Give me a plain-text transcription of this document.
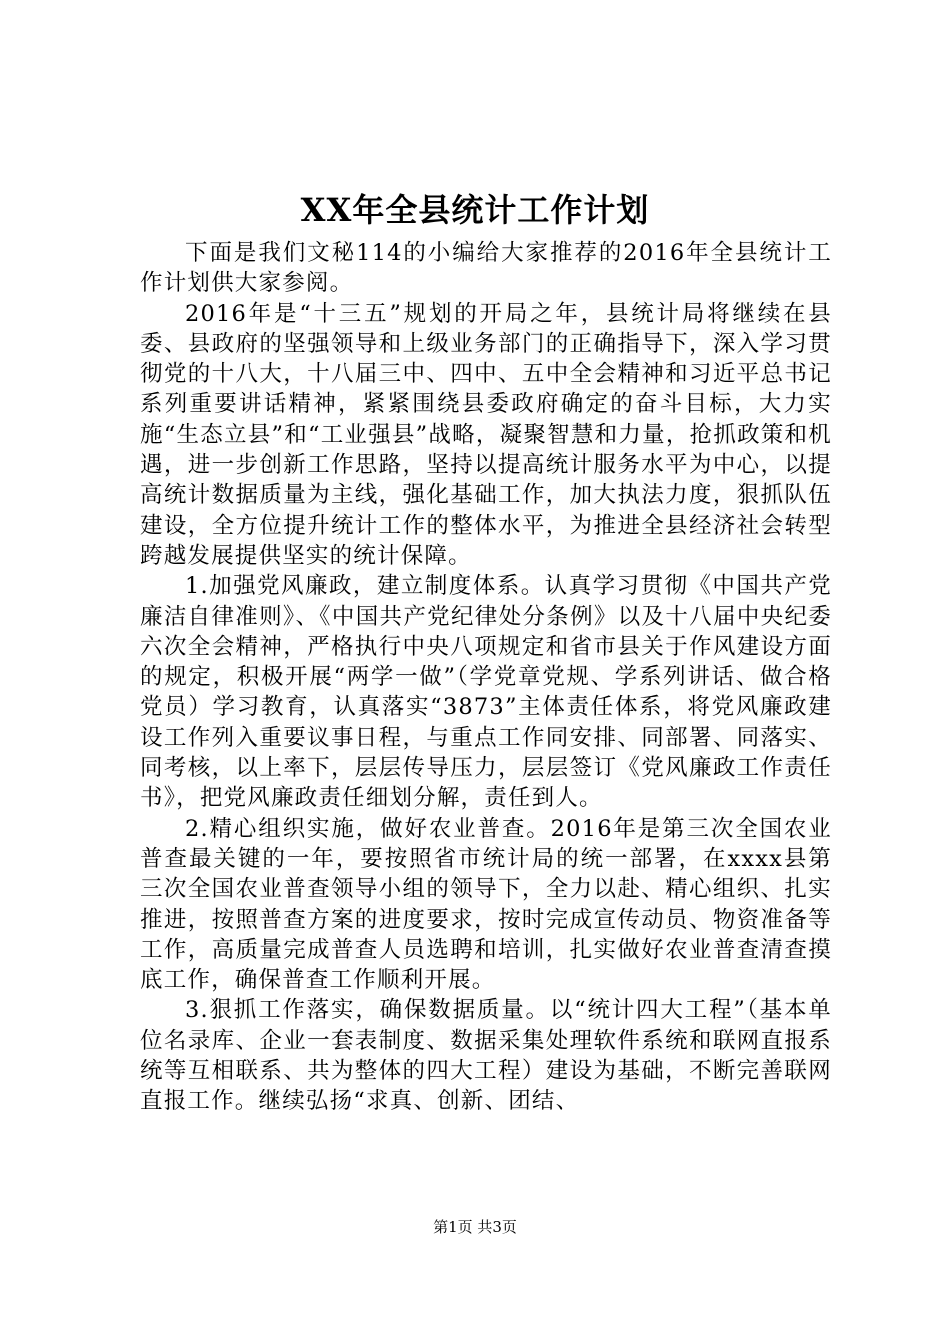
XX年全县统计工作计划

下面是我们文秘114的小编给大家推荐的2016年全县统计工作计划供大家参阅。

2016年是“十三五”规划的开局之年，县统计局将继续在县委、县政府的坚强领导和上级业务部门的正确指导下，深入学习贯彻党的十八大，十八届三中、四中、五中全会精神和习近平总书记系列重要讲话精神，紧紧围绕县委政府确定的奋斗目标，大力实施“生态立县”和“工业强县”战略，凝聚智慧和力量，抢抓政策和机遇，进一步创新工作思路，坚持以提高统计服务水平为中心，以提高统计数据质量为主线，强化基础工作，加大执法力度，狠抓队伍建设，全方位提升统计工作的整体水平，为推进全县经济社会转型跨越发展提供坚实的统计保障。

1.加强党风廉政，建立制度体系。认真学习贯彻《中国共产党廉洁自律准则》、《中国共产党纪律处分条例》以及十八届中央纪委六次全会精神，严格执行中央八项规定和省市县关于作风建设方面的规定，积极开展“两学一做”（学党章党规、学系列讲话、做合格党员）学习教育，认真落实“3873”主体责任体系，将党风廉政建设工作列入重要议事日程，与重点工作同安排、同部署、同落实、同考核，以上率下，层层传导压力，层层签订《党风廉政工作责任书》，把党风廉政责任细划分解，责任到人。

2.精心组织实施，做好农业普查。2016年是第三次全国农业普查最关键的一年，要按照省市统计局的统一部署，在xxxx县第三次全国农业普查领导小组的领导下，全力以赴、精心组织、扎实推进，按照普查方案的进度要求，按时完成宣传动员、物资准备等工作，高质量完成普查人员选聘和培训，扎实做好农业普查清查摸底工作，确保普查工作顺利开展。

3.狠抓工作落实，确保数据质量。以“统计四大工程”（基本单位名录库、企业一套表制度、数据采集处理软件系统和联网直报系统等互相联系、共为整体的四大工程）建设为基础，不断完善联网直报工作。继续弘扬“求真、创新、团结、

第1页 共3页
